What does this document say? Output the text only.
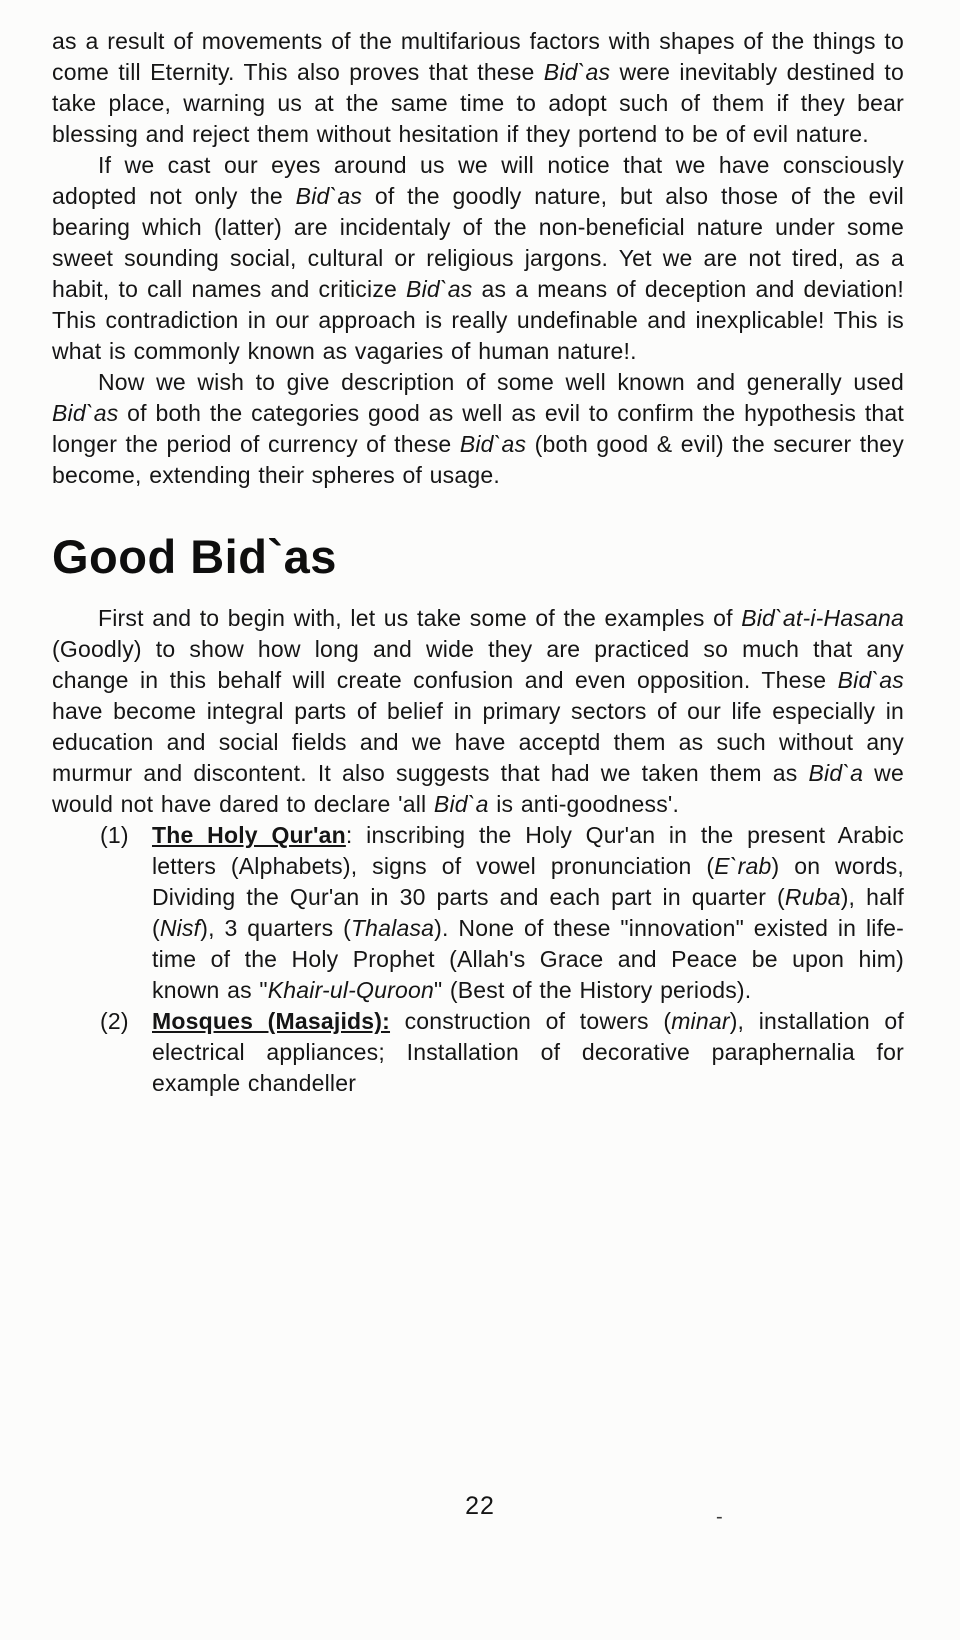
as a result of movements of the multifarious factors with shapes of the things to come till Eternity. This also proves that these Bid`as were inevitably destined to take place, warning us at the same time to adopt such of them if they bear blessing and reject them without hesitation if they portend to be of evil nature.

If we cast our eyes around us we will notice that we have consciously adopted not only the Bid`as of the goodly nature, but also those of the evil bearing which (latter) are incidentaly of the non-beneficial nature under some sweet sounding social, cultural or religious jargons. Yet we are not tired, as a habit, to call names and criticize Bid`as as a means of deception and deviation! This contradiction in our approach is really undefinable and inexplicable! This is what is commonly known as vagaries of human nature!.

Now we wish to give description of some well known and generally used Bid`as of both the categories good as well as evil to confirm the hypothesis that longer the period of currency of these Bid`as (both good & evil) the securer they become, extending their spheres of usage.

Good Bid`as

First and to begin with, let us take some of the examples of Bid`at-i-Hasana (Goodly) to show how long and wide they are practiced so much that any change in this behalf will create confusion and even opposition. These Bid`as have become integral parts of belief in primary sectors of our life especially in education and social fields and we have acceptd them as such without any murmur and discontent. It also suggests that had we taken them as Bid`a we would not have dared to declare 'all Bid`a is anti-goodness'.

(1)	The Holy Qur'an: inscribing the Holy Qur'an in the present Arabic letters (Alphabets), signs of vowel pronunciation (E`rab) on words, Dividing the Qur'an in 30 parts and each part in quarter (Ruba), half (Nisf), 3 quarters (Thalasa). None of these "innovation" existed in life-time of the Holy Prophet (Allah's Grace and Peace be upon him) known as "Khair-ul-Quroon" (Best of the History periods).

(2)	Mosques (Masajids): construction of towers (minar), installation of electrical appliances; Installation of decorative paraphernalia for example chandeller

22	-
